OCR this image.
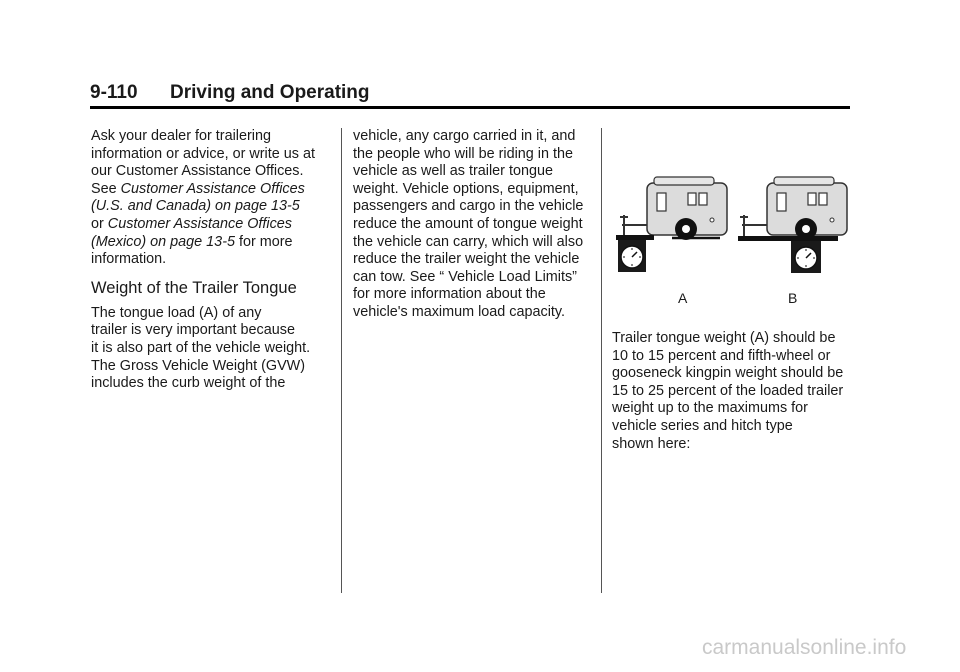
9-110 Driving and Operating
Ask your dealer for trailering
information or advice, or write us at
our Customer Assistance Offices.
See Customer Assistance Offices
(U.S. and Canada) on page 13-5
or Customer Assistance Offices
(Mexico) on page 13-5 for more
information.
Weight of the Trailer Tongue
The tongue load (A) of any
trailer is very important because
it is also part of the vehicle weight.
The Gross Vehicle Weight (GVW)
includes the curb weight of the
vehicle, any cargo carried in it, and
the people who will be riding in the
vehicle as well as trailer tongue
weight. Vehicle options, equipment,
passengers and cargo in the vehicle
reduce the amount of tongue weight
the vehicle can carry, which will also
reduce the trailer weight the vehicle
can tow. See “ Vehicle Load Limits”
for more information about the
vehicle's maximum load capacity.
A	B
Trailer tongue weight (A) should be
10 to 15 percent and fifth-wheel or
gooseneck kingpin weight should be
15 to 25 percent of the loaded trailer
weight up to the maximums for
vehicle series and hitch type
shown here:
carmanualsonline.info
